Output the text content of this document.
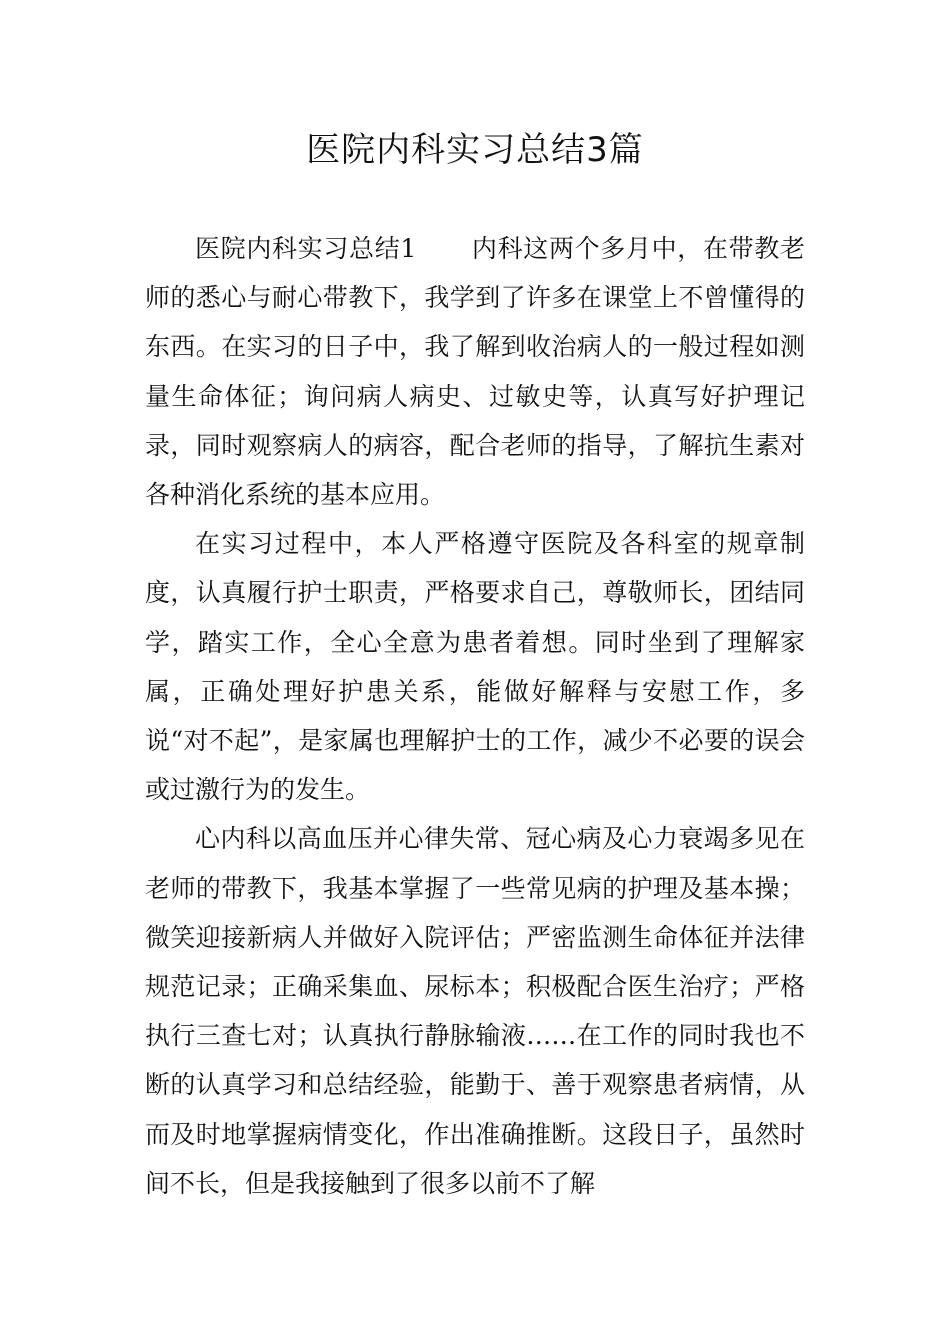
医院内科实习总结3篇

医院内科实习总结1 内科这两个多月中，在带教老师的悉心与耐心带教下，我学到了许多在课堂上不曾懂得的东西。在实习的日子中，我了解到收治病人的一般过程如测量生命体征；询问病人病史、过敏史等，认真写好护理记录，同时观察病人的病容，配合老师的指导，了解抗生素对各种消化系统的基本应用。

在实习过程中，本人严格遵守医院及各科室的规章制度，认真履行护士职责，严格要求自己，尊敬师长，团结同学，踏实工作，全心全意为患者着想。同时坐到了理解家属，正确处理好护患关系，能做好解释与安慰工作，多说“对不起”，是家属也理解护士的工作，减少不必要的误会或过激行为的发生。

心内科以高血压并心律失常、冠心病及心力衰竭多见在老师的带教下，我基本掌握了一些常见病的护理及基本操；微笑迎接新病人并做好入院评估；严密监测生命体征并法律规范记录；正确采集血、尿标本；积极配合医生治疗；严格执行三查七对；认真执行静脉输液……在工作的同时我也不断的认真学习和总结经验，能勤于、善于观察患者病情，从而及时地掌握病情变化，作出准确推断。这段日子，虽然时间不长，但是我接触到了很多以前不了解
